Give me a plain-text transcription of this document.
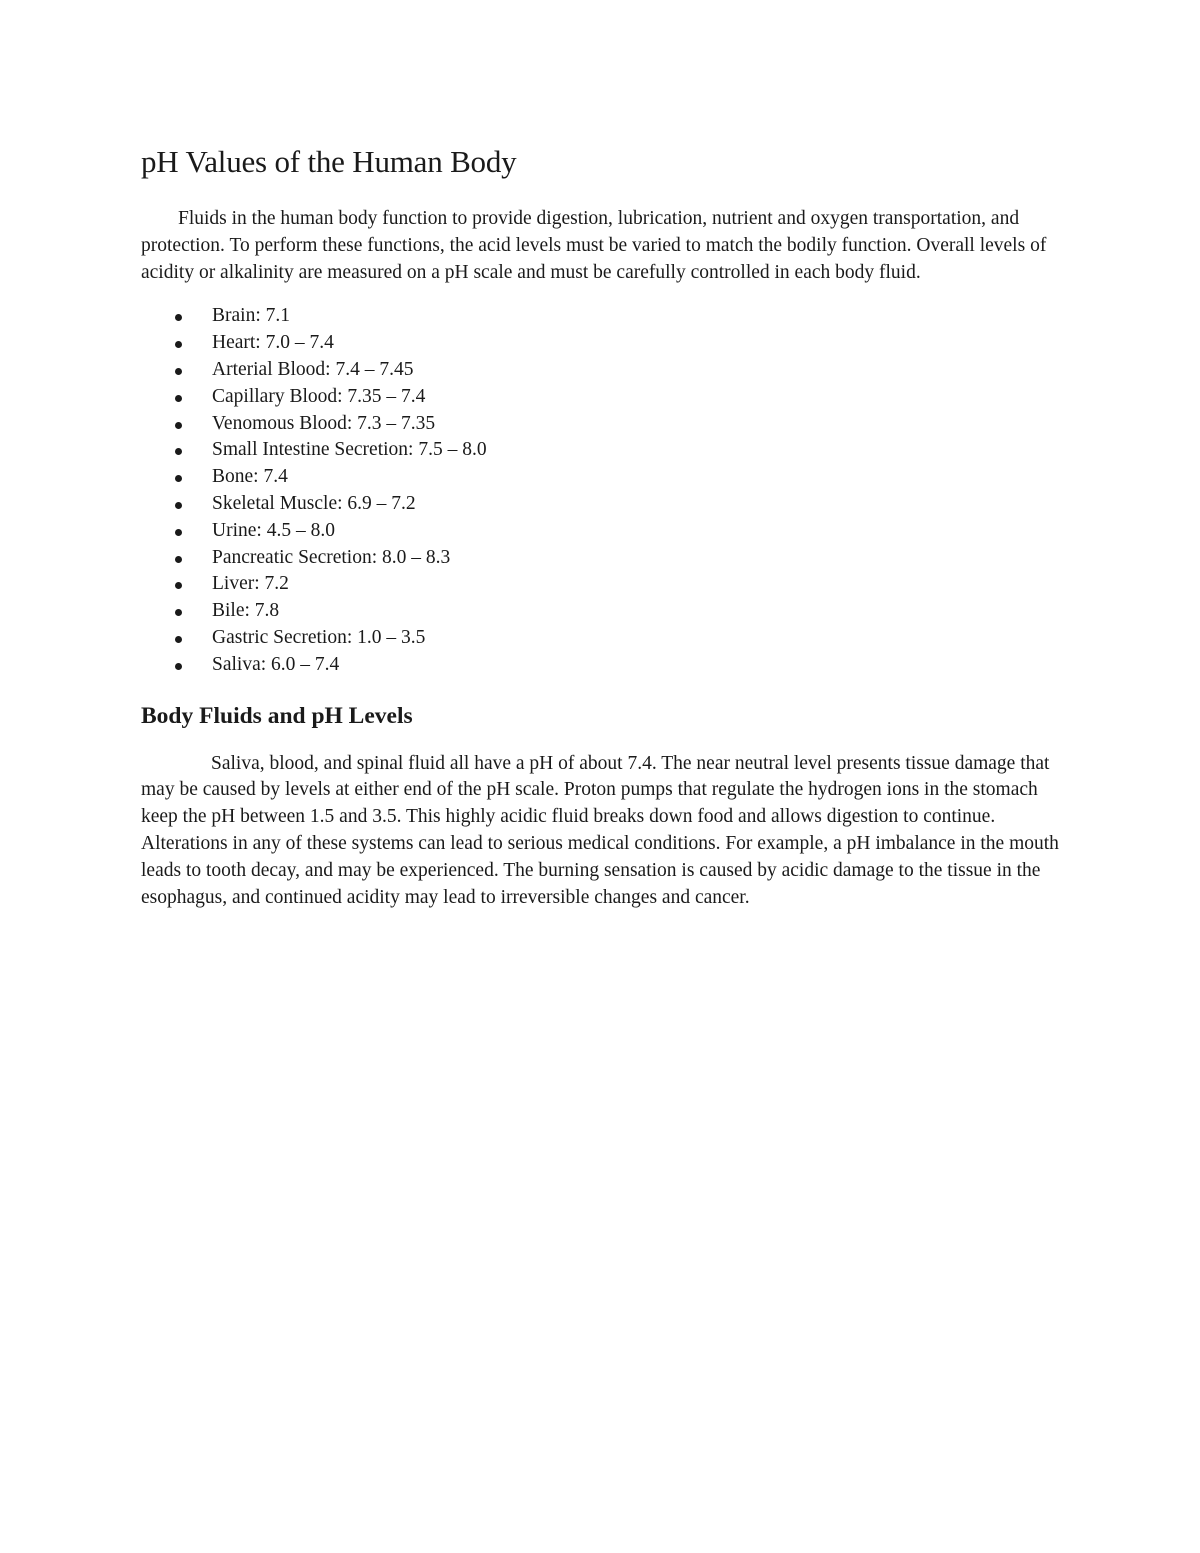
pH Values of the Human Body

Fluids in the human body function to provide digestion, lubrication, nutrient and oxygen transportation, and protection. To perform these functions, the acid levels must be varied to match the bodily function. Overall levels of acidity or alkalinity are measured on a pH scale and must be carefully controlled in each body fluid.

Brain: 7.1
Heart: 7.0 – 7.4
Arterial Blood: 7.4 – 7.45
Capillary Blood: 7.35 – 7.4
Venomous Blood: 7.3 – 7.35
Small Intestine Secretion: 7.5 – 8.0
Bone: 7.4
Skeletal Muscle: 6.9 – 7.2
Urine: 4.5 – 8.0
Pancreatic Secretion: 8.0 – 8.3
Liver: 7.2
Bile: 7.8
Gastric Secretion: 1.0 – 3.5
Saliva: 6.0 – 7.4
Body Fluids and pH Levels

Saliva, blood, and spinal fluid all have a pH of about 7.4. The near neutral level presents tissue damage that may be caused by levels at either end of the pH scale. Proton pumps that regulate the hydrogen ions in the stomach keep the pH between 1.5 and 3.5. This highly acidic fluid breaks down food and allows digestion to continue. Alterations in any of these systems can lead to serious medical conditions. For example, a pH imbalance in the mouth leads to tooth decay, and may be experienced. The burning sensation is caused by acidic damage to the tissue in the esophagus, and continued acidity may lead to irreversible changes and cancer.
